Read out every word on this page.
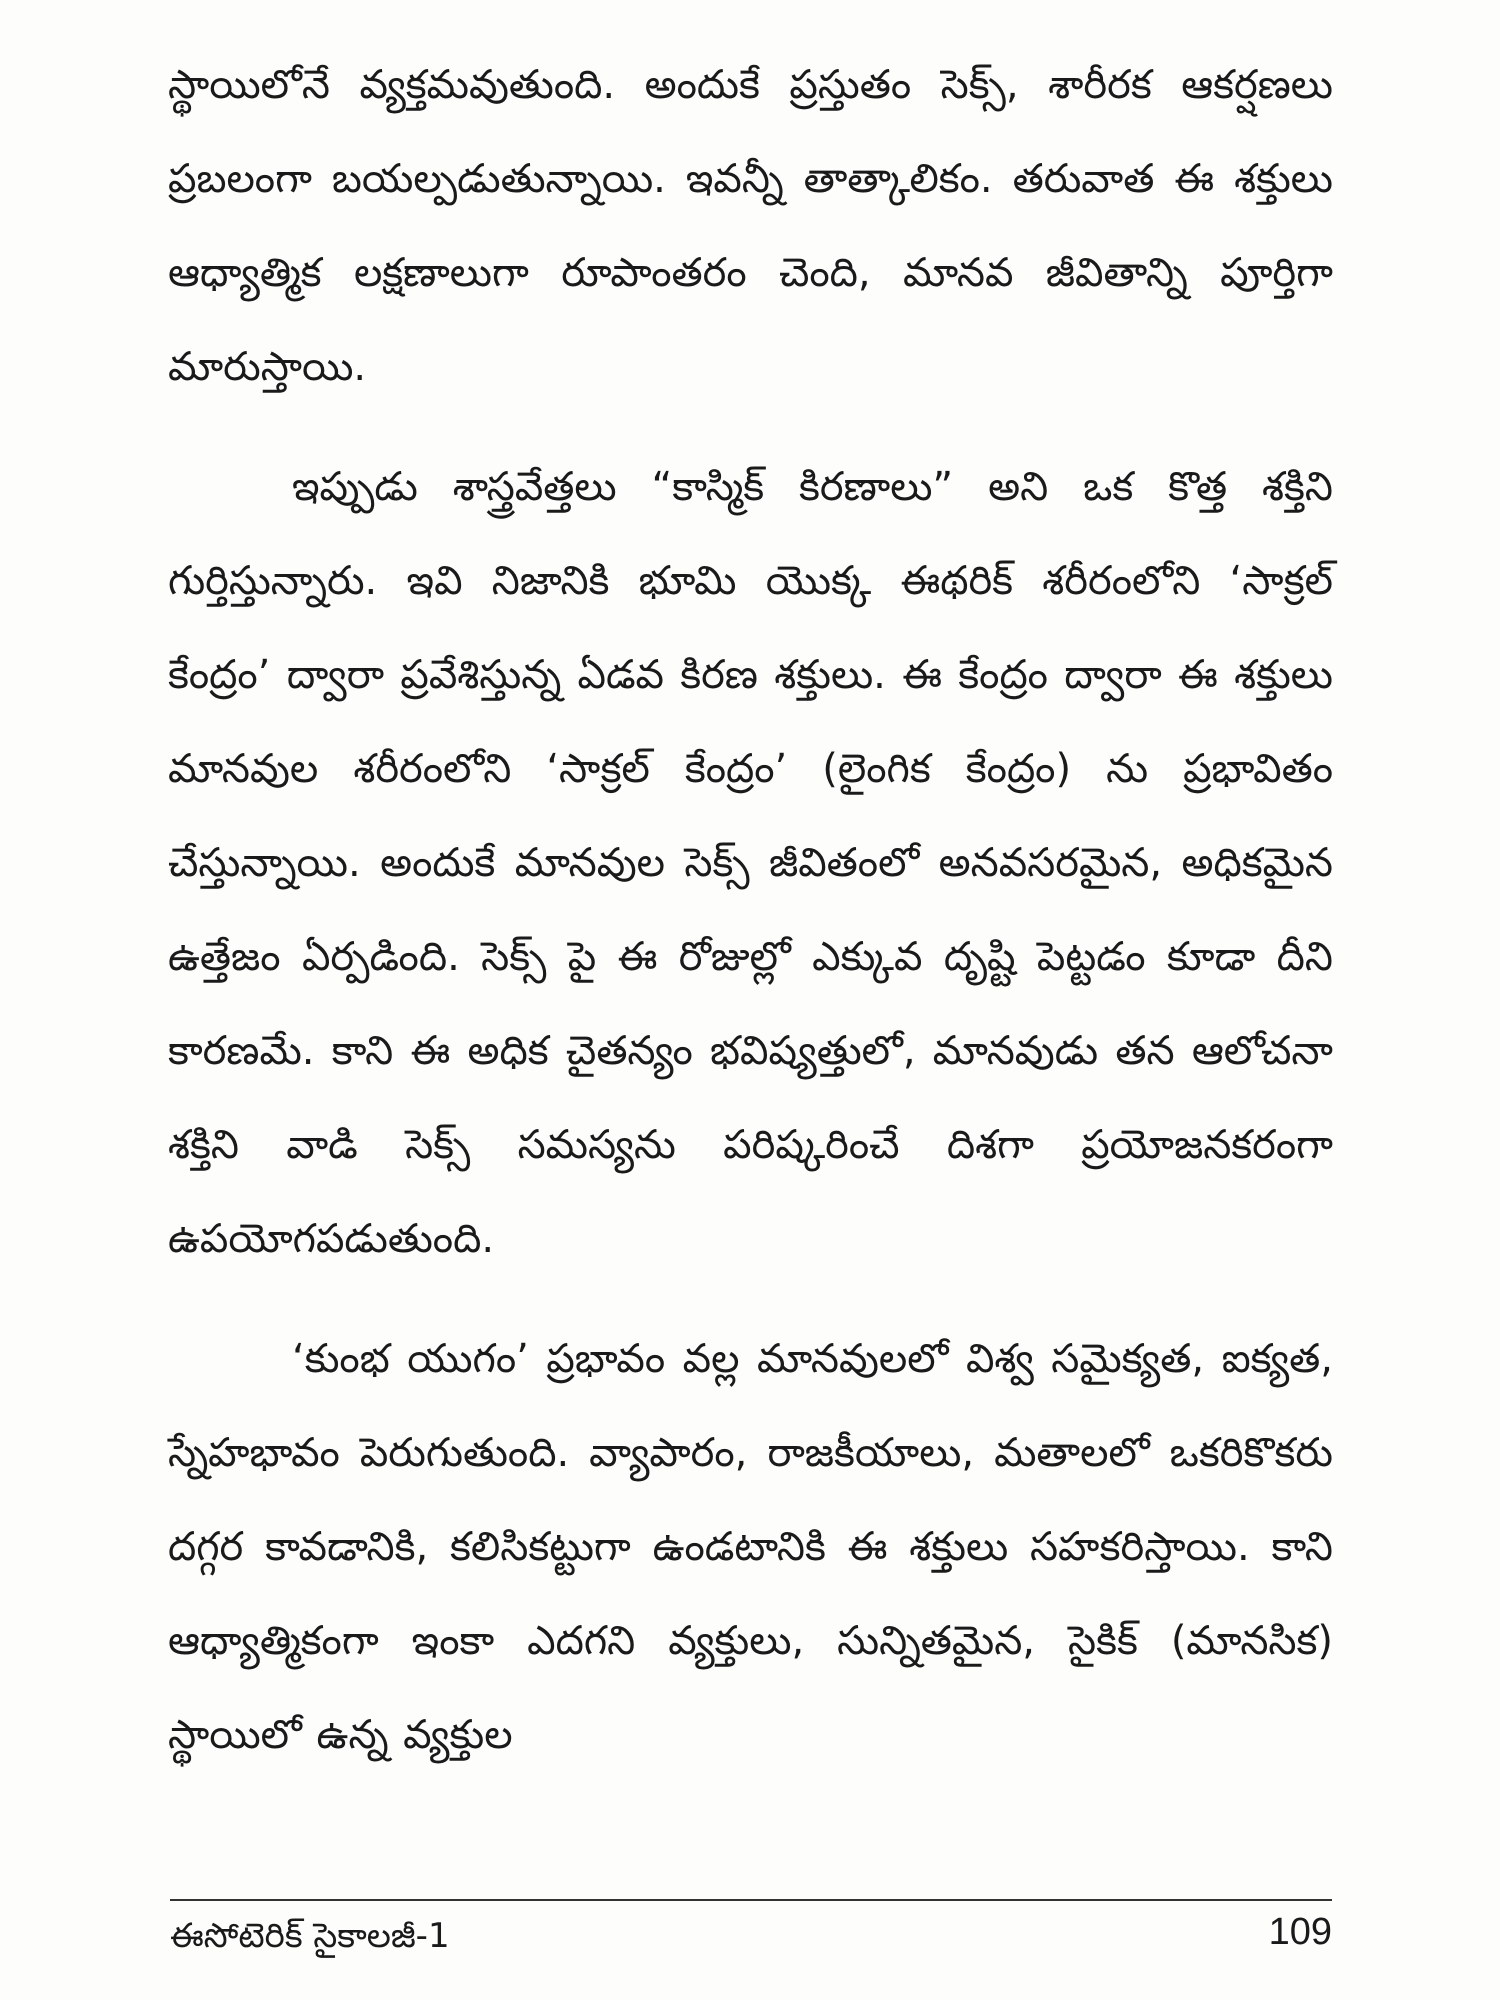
స్థాయిలోనే వ్యక్తమవుతుంది. అందుకే ప్రస్తుతం సెక్స్, శారీరక ఆకర్షణలు ప్రబలంగా బయల్పడుతున్నాయి. ఇవన్నీ తాత్కాలికం. తరువాత ఈ శక్తులు ఆధ్యాత్మిక లక్షణాలుగా రూపాంతరం చెంది, మానవ జీవితాన్ని పూర్తిగా మారుస్తాయి.

ఇప్పుడు శాస్త్రవేత్తలు “కాస్మిక్ కిరణాలు” అని ఒక కొత్త శక్తిని గుర్తిస్తున్నారు. ఇవి నిజానికి భూమి యొక్క ఈథరిక్ శరీరంలోని ‘సాక్రల్ కేంద్రం’ ద్వారా ప్రవేశిస్తున్న ఏడవ కిరణ శక్తులు. ఈ కేంద్రం ద్వారా ఈ శక్తులు మానవుల శరీరంలోని ‘సాక్రల్ కేంద్రం’ (లైంగిక కేంద్రం) ను ప్రభావితం చేస్తున్నాయి. అందుకే మానవుల సెక్స్ జీవితంలో అనవసరమైన, అధికమైన ఉత్తేజం ఏర్పడింది. సెక్స్ పై ఈ రోజుల్లో ఎక్కువ దృష్టి పెట్టడం కూడా దీని కారణమే. కాని ఈ అధిక చైతన్యం భవిష్యత్తులో, మానవుడు తన ఆలోచనా శక్తిని వాడి సెక్స్ సమస్యను పరిష్కరించే దిశగా ప్రయోజనకరంగా ఉపయోగపడుతుంది.

‘కుంభ యుగం’ ప్రభావం వల్ల మానవులలో విశ్వ సమైక్యత, ఐక్యత, స్నేహభావం పెరుగుతుంది. వ్యాపారం, రాజకీయాలు, మతాలలో ఒకరికొకరు దగ్గర కావడానికి, కలిసికట్టుగా ఉండటానికి ఈ శక్తులు సహకరిస్తాయి. కాని ఆధ్యాత్మికంగా ఇంకా ఎదగని వ్యక్తులు, సున్నితమైన, సైకిక్ (మానసిక) స్థాయిలో ఉన్న వ్యక్తుల

ఈసోటెరిక్ సైకాలజీ-1	109
